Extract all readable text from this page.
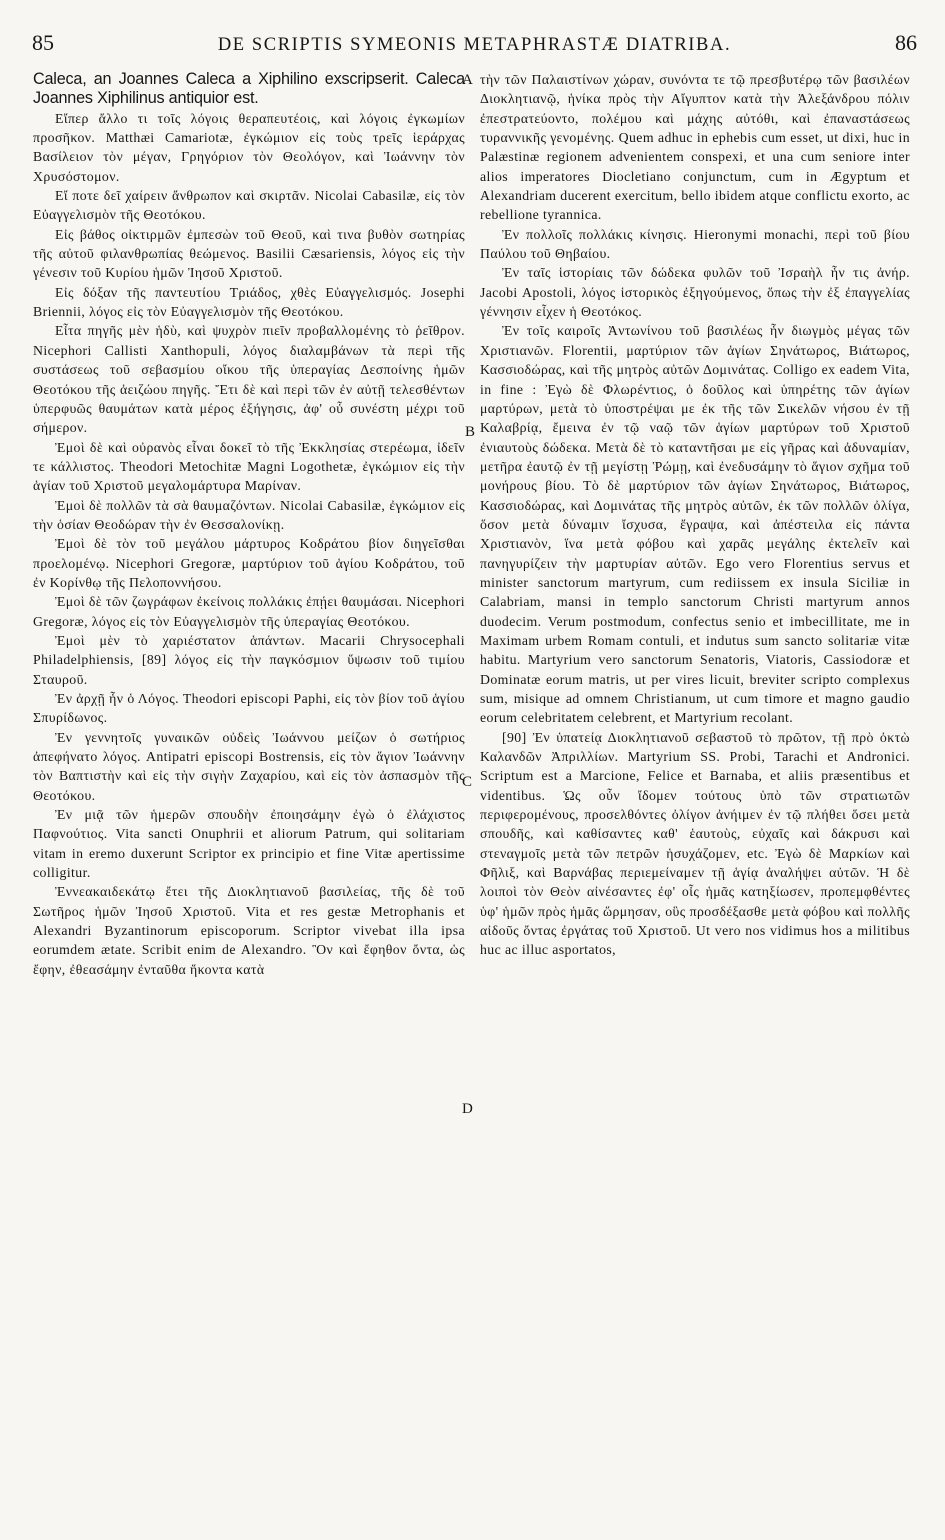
85	DE SCRIPTIS SYMEONIS METAPHRASTÆ DIATRIBA.	86
A
B
C
D

Caleca, an Joannes Caleca a Xiphilino exscripserit. Caleca Joannes Xiphilinus antiquior est.

Εἴπερ ἄλλο τι τοῖς λόγοις θεραπευτέοις, καὶ λόγοις ἐγκωμίων προσῆκον. Matthæi Camariotæ, ἐγκώμιον εἰς τοὺς τρεῖς ἱεράρχας Βασίλειον τὸν μέγαν, Γρηγόριον τὸν Θεολόγον, καὶ Ἰωάννην τὸν Χρυσόστομον.

Εἴ ποτε δεῖ χαίρειν ἄνθρωπον καὶ σκιρτᾶν. Nicolai Cabasilæ, εἰς τὸν Εὐαγγελισμὸν τῆς Θεοτόκου.

Εἰς βάθος οἰκτιρμῶν ἐμπεσὼν τοῦ Θεοῦ, καὶ τινα βυθὸν σωτηρίας τῆς αὐτοῦ φιλανθρωπίας θεώμενος. Basilii Cæsariensis, λόγος εἰς τὴν γένεσιν τοῦ Κυρίου ἡμῶν Ἰησοῦ Χριστοῦ.

Εἰς δόξαν τῆς παντευτίου Τριάδος, χθὲς Εὐαγγελισμός. Josephi Briennii, λόγος εἰς τὸν Εὐαγγελισμὸν τῆς Θεοτόκου.

Εἶτα πηγῆς μὲν ἡδὺ, καὶ ψυχρὸν πιεῖν προβαλλομένης τὸ ῥεῖθρον. Nicephori Callisti Xanthopuli, λόγος διαλαμβάνων τὰ περὶ τῆς συστάσεως τοῦ σεβασμίου οἴκου τῆς ὑπεραγίας Δεσποίνης ἡμῶν Θεοτόκου τῆς ἀειζώου πηγῆς. Ἔτι δὲ καὶ περὶ τῶν ἐν αὐτῇ τελεσθέντων ὑπερφυῶς θαυμάτων κατὰ μέρος ἐξήγησις, ἀφ' οὗ συνέστη μέχρι τοῦ σήμερον.

Ἐμοὶ δὲ καὶ οὐρανὸς εἶναι δοκεῖ τὸ τῆς Ἐκκλησίας στερέωμα, ἰδεῖν τε κάλλιστος. Theodori Metochitæ Magni Logothetæ, ἐγκώμιον εἰς τὴν ἁγίαν τοῦ Χριστοῦ μεγαλομάρτυρα Μαρίναν.

Ἐμοὶ δὲ πολλῶν τὰ σὰ θαυμαζόντων. Nicolai Cabasilæ, ἐγκώμιον εἰς τὴν ὁσίαν Θεοδώραν τὴν ἐν Θεσσαλονίκῃ.

Ἐμοὶ δὲ τὸν τοῦ μεγάλου μάρτυρος Κοδράτου βίον διηγεῖσθαι προελομένῳ. Nicephori Gregoræ, μαρτύριον τοῦ ἁγίου Κοδράτου, τοῦ ἐν Κορίνθῳ τῆς Πελοποννήσου.

Ἐμοὶ δὲ τῶν ζωγράφων ἐκείνοις πολλάκις ἐπῄει θαυμάσαι. Nicephori Gregoræ, λόγος εἰς τὸν Εὐαγγελισμὸν τῆς ὑπεραγίας Θεοτόκου.

Ἐμοὶ μὲν τὸ χαριέστατον ἁπάντων. Macarii Chrysocephali Philadelphiensis, [89] λόγος εἰς τὴν παγκόσμιον ὕψωσιν τοῦ τιμίου Σταυροῦ.

Ἐν ἀρχῇ ἦν ὁ Λόγος. Theodori episcopi Paphi, εἰς τὸν βίον τοῦ ἁγίου Σπυρίδωνος.

Ἐν γεννητοῖς γυναικῶν οὐδεὶς Ἰωάννου μείζων ὁ σωτήριος ἀπεφήνατο λόγος. Antipatri episcopi Bostrensis, εἰς τὸν ἅγιον Ἰωάννην τὸν Βαπτιστὴν καὶ εἰς τὴν σιγὴν Ζαχαρίου, καὶ εἰς τὸν ἀσπασμὸν τῆς Θεοτόκου.

Ἐν μιᾷ τῶν ἡμερῶν σπουδὴν ἐποιησάμην ἐγὼ ὁ ἐλάχιστος Παφνούτιος. Vita sancti Onuphrii et aliorum Patrum, qui solitariam vitam in eremo duxerunt Scriptor ex principio et fine Vitæ apertissime colligitur.

Ἐννεακαιδεκάτῳ ἔτει τῆς Διοκλητιανοῦ βασιλείας, τῆς δὲ τοῦ Σωτῆρος ἡμῶν Ἰησοῦ Χριστοῦ. Vita et res gestæ Metrophanis et Alexandri Byzantinorum episcoporum. Scriptor vivebat illa ipsa eorumdem ætate. Scribit enim de Alexandro. Ὃν καὶ ἔφηθον ὄντα, ὡς ἔφην, ἐθεασάμην ἐνταῦθα ἥκοντα κατὰ

τὴν τῶν Παλαιστίνων χώραν, συνόντα τε τῷ πρεσβυτέρῳ τῶν βασιλέων Διοκλητιανῷ, ἡνίκα πρὸς τὴν Αἴγυπτον κατὰ τὴν Ἀλεξάνδρου πόλιν ἐπεστρατεύοντο, πολέμου καὶ μάχης αὐτόθι, καὶ ἐπαναστάσεως τυραννικῆς γενομένης. Quem adhuc in ephebis cum esset, ut dixi, huc in Palæstinæ regionem advenientem conspexi, et una cum seniore inter alios imperatores Diocletiano conjunctum, cum in Ægyptum et Alexandriam ducerent exercitum, bello ibidem atque conflictu exorto, ac rebellione tyrannica.

Ἐν πολλοῖς πολλάκις κίνησις. Hieronymi monachi, περὶ τοῦ βίου Παύλου τοῦ Θηβαίου.

Ἐν ταῖς ἱστορίαις τῶν δώδεκα φυλῶν τοῦ Ἰσραὴλ ἦν τις ἀνήρ. Jacobi Apostoli, λόγος ἱστορικὸς ἐξηγούμενος, ὅπως τὴν ἐξ ἐπαγγελίας γέννησιν εἶχεν ἡ Θεοτόκος.

Ἐν τοῖς καιροῖς Ἀντωνίνου τοῦ βασιλέως ἦν διωγμὸς μέγας τῶν Χριστιανῶν. Florentii, μαρτύριον τῶν ἁγίων Σηνάτωρος, Βιάτωρος, Κασσιοδώρας, καὶ τῆς μητρὸς αὐτῶν Δομινάτας. Colligo ex eadem Vita, in fine : Ἐγὼ δὲ Φλωρέντιος, ὁ δοῦλος καὶ ὑπηρέτης τῶν ἁγίων μαρτύρων, μετὰ τὸ ὑποστρέψαι με ἐκ τῆς τῶν Σικελῶν νήσου ἐν τῇ Καλαβρίᾳ, ἔμεινα ἐν τῷ ναῷ τῶν ἁγίων μαρτύρων τοῦ Χριστοῦ ἐνιαυτοὺς δώδεκα. Μετὰ δὲ τὸ καταντῆσαι με εἰς γῆρας καὶ ἀδυναμίαν, μετῆρα ἐαυτῷ ἐν τῇ μεγίστῃ Ῥώμῃ, καὶ ἐνεδυσάμην τὸ ἅγιον σχῆμα τοῦ μονήρους βίου. Τὸ δὲ μαρτύριον τῶν ἁγίων Σηνάτωρος, Βιάτωρος, Κασσιοδώρας, καὶ Δομινάτας τῆς μητρὸς αὐτῶν, ἐκ τῶν πολλῶν ὀλίγα, ὅσον μετὰ δύναμιν ἴσχυσα, ἔγραψα, καὶ ἀπέστειλα εἰς πάντα Χριστιανὸν, ἵνα μετὰ φόβου καὶ χαρᾶς μεγάλης ἐκτελεῖν καὶ πανηγυρίζειν τὴν μαρτυρίαν αὐτῶν. Ego vero Florentius servus et minister sanctorum martyrum, cum rediissem ex insula Siciliæ in Calabriam, mansi in templo sanctorum Christi martyrum annos duodecim. Verum postmodum, confectus senio et imbecillitate, me in Maximam urbem Romam contuli, et indutus sum sancto solitariæ vitæ habitu. Martyrium vero sanctorum Senatoris, Viatoris, Cassiodoræ et Dominatæ eorum matris, ut per vires licuit, breviter scripto complexus sum, misique ad omnem Christianum, ut cum timore et magno gaudio eorum celebritatem celebrent, et Martyrium recolant.

[90] Ἐν ὑπατείᾳ Διοκλητιανοῦ σεβαστοῦ τὸ πρῶτον, τῇ πρὸ ὀκτὼ Καλανδῶν Ἀπριλλίων. Martyrium SS. Probi, Tarachi et Andronici. Scriptum est a Marcione, Felice et Barnaba, et aliis præsentibus et videntibus. Ὡς οὖν ἴδομεν τούτους ὑπὸ τῶν στρατιωτῶν περιφερομένους, προσελθόντες ὀλίγον ἀνήιμεν ἐν τῷ πλήθει ὅσει μετὰ σπουδῆς, καὶ καθίσαντες καθ' ἑαυτοὺς, εὐχαῖς καὶ δάκρυσι καὶ στεναγμοῖς μετὰ τῶν πετρῶν ἡσυχάζομεν, etc. Ἐγὼ δὲ Μαρκίων καὶ Φῆλιξ, καὶ Βαρνάβας περιεμείναμεν τῇ ἁγίᾳ ἀναλήψει αὐτῶν. Ἡ δὲ λοιποὶ τὸν Θεὸν αἰνέσαντες ἐφ' οἷς ἡμᾶς κατηξίωσεν, προπεμφθέντες ὑφ' ἡμῶν πρὸς ἡμᾶς ὥρμησαν, οὓς προσδέξασθε μετὰ φόβου καὶ πολλῆς αἰδοῦς ὄντας ἐργάτας τοῦ Χριστοῦ. Ut vero nos vidimus hos a militibus huc ac illuc asportatos,
